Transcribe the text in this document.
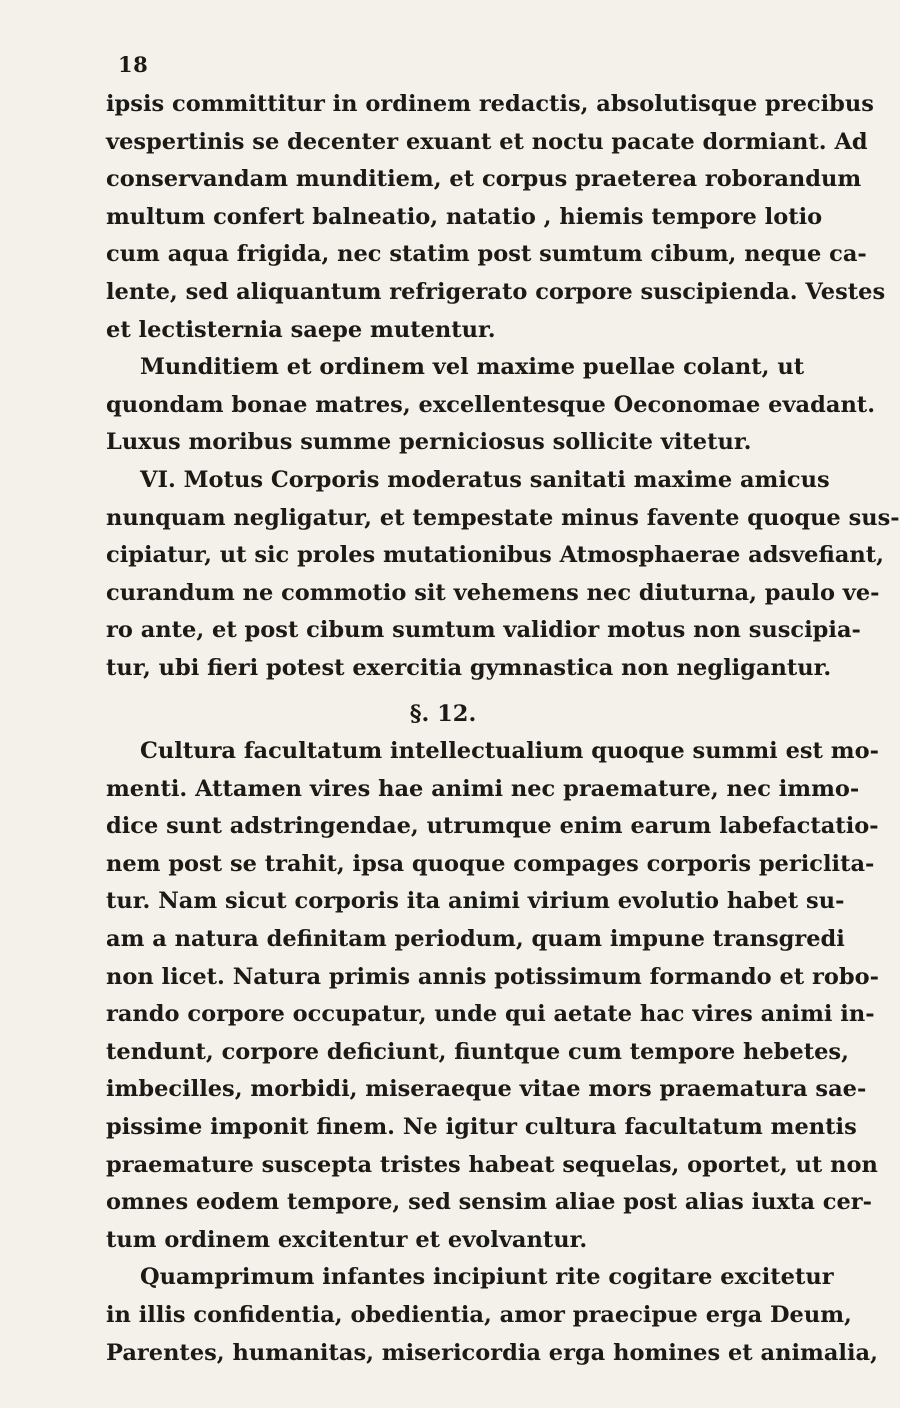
18
ipsis committitur in ordinem redactis, absolutisque precibus
vespertinis se decenter exuant et noctu pacate dormiant. Ad
conservandam munditiem, et corpus praeterea roborandum
multum confert balneatio, natatio , hiemis tempore lotio
cum aqua frigida, nec statim post sumtum cibum, neque ca-
lente, sed aliquantum refrigerato corpore suscipienda. Vestes
et lectisternia saepe mutentur.
Munditiem et ordinem vel maxime puellae colant, ut
quondam bonae matres, excellentesque Oeconomae evadant.
Luxus moribus summe perniciosus sollicite vitetur.
VI. Motus Corporis moderatus sanitati maxime amicus
nunquam negligatur, et tempestate minus favente quoque sus-
cipiatur, ut sic proles mutationibus Atmosphaerae adsvefiant,
curandum ne commotio sit vehemens nec diuturna, paulo ve-
ro ante, et post cibum sumtum validior motus non suscipia-
tur, ubi fieri potest exercitia gymnastica non negligantur.
§. 12.
Cultura facultatum intellectualium quoque summi est mo-
menti. Attamen vires hae animi nec praemature, nec immo-
dice sunt adstringendae, utrumque enim earum labefactatio-
nem post se trahit, ipsa quoque compages corporis periclita-
tur. Nam sicut corporis ita animi virium evolutio habet su-
am a natura definitam periodum, quam impune transgredi
non licet. Natura primis annis potissimum formando et robo-
rando corpore occupatur, unde qui aetate hac vires animi in-
tendunt, corpore deficiunt, fiuntque cum tempore hebetes,
imbecilles, morbidi, miseraeque vitae mors praematura sae-
pissime imponit finem. Ne igitur cultura facultatum mentis
praemature suscepta tristes habeat sequelas, oportet, ut non
omnes eodem tempore, sed sensim aliae post alias iuxta cer-
tum ordinem excitentur et evolvantur.
Quamprimum infantes incipiunt rite cogitare excitetur
in illis confidentia, obedientia, amor praecipue erga Deum,
Parentes, humanitas, misericordia erga homines et animalia,
